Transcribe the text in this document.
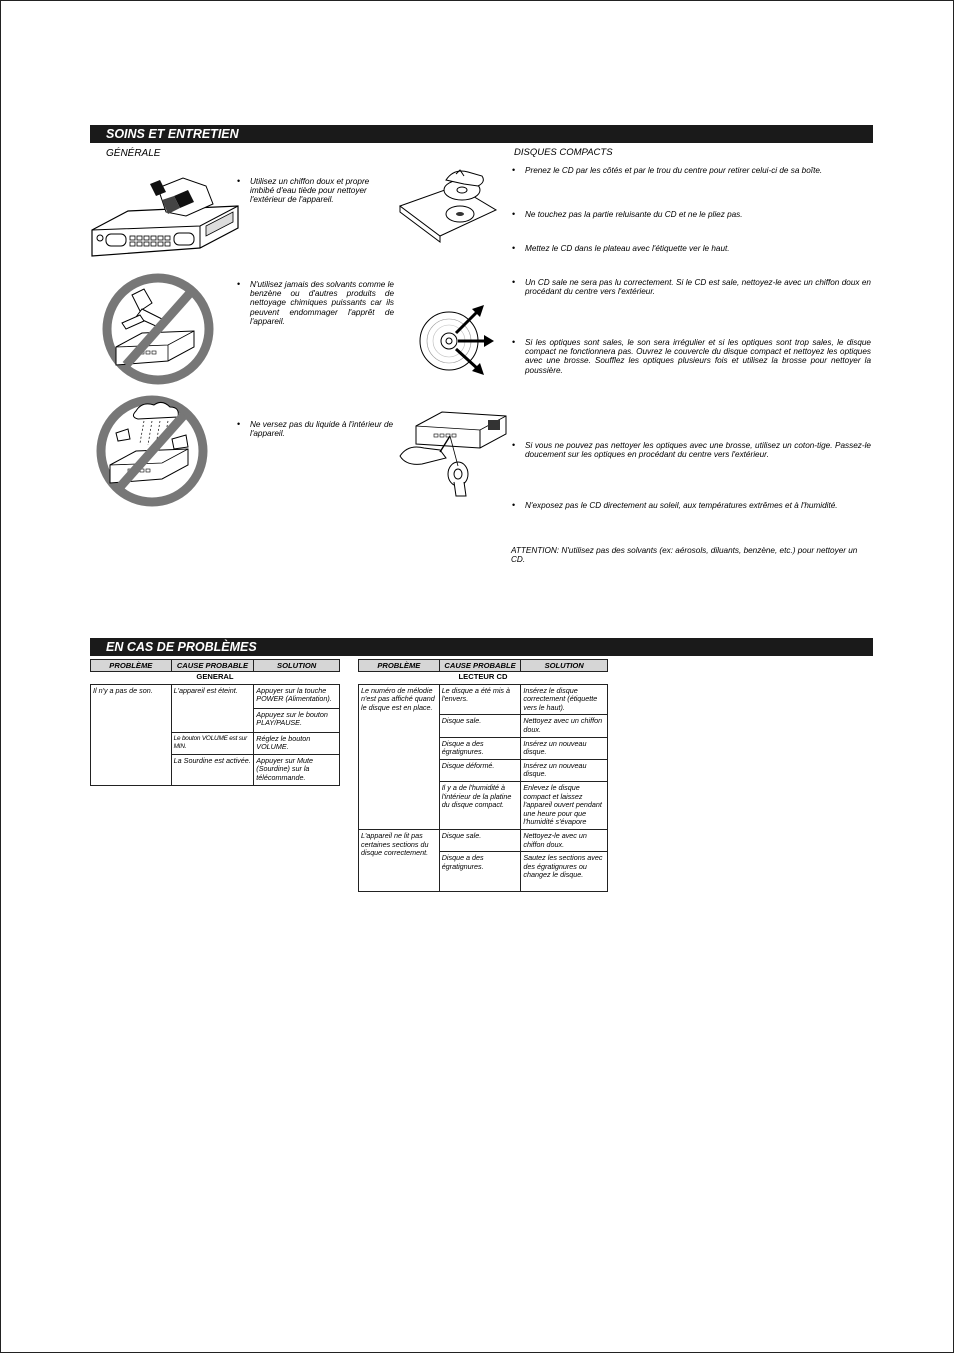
SOINS ET ENTRETIEN
GÉNÉRALE	DISQUES COMPACTS
• Utilisez un chiffon doux et propre imbibé d'eau tiède pour nettoyer l'extérieur de l'appareil.
• N'utilisez jamais des solvants comme le benzène ou d'autres produits de nettoyage chimiques puissants car ils peuvent endommager l'apprêt de l'appareil.
• Ne versez pas du liquide à l'intérieur de l'appareil.
• Prenez le CD par les côtés et par le trou du centre pour retirer celui-ci de sa boîte.
• Ne touchez pas la partie reluisante du CD et ne le pliez pas.
• Mettez le CD dans le plateau avec l'étiquette ver le haut.
• Un CD sale ne sera pas lu correctement. Si le CD est sale, nettoyez-le avec un chiffon doux en procédant du centre vers l'extérieur.
• Si les optiques sont sales, le son sera irrégulier et si les optiques sont trop sales, le disque compact ne fonctionnera pas. Ouvrez le couvercle du disque compact et nettoyez les optiques avec une brosse. Soufflez les optiques plusieurs fois et utilisez la brosse pour nettoyer la poussière.
• Si vous ne pouvez pas nettoyer les optiques avec une brosse, utilisez un coton-tige. Passez-le doucement sur les optiques en procédant du centre vers l'extérieur.
• N'exposez pas le CD directement au soleil, aux températures extrêmes et à l'humidité.
ATTENTION: N'utilisez pas des solvants (ex: aérosols, diluants, benzène, etc.) pour nettoyer un CD.
EN CAS DE PROBLÈMES
PROBLÈME	CAUSE PROBABLE	SOLUTION
GENERAL		
Il n'y a pas de son.	L'appareil est éteint.	Appuyer sur la touche POWER (Alimentation).
		Appuyez sur le bouton PLAY/PAUSE.
	Le bouton VOLUME est sur MIN.	Réglez le bouton VOLUME.
	La Sourdine est activée.	Appuyer sur Mute (Sourdine) sur la télécommande.
PROBLÈME	CAUSE PROBABLE	SOLUTION
LECTEUR CD		
Le numéro de mélodie n'est pas affiché quand le disque est en place.	Le disque a été mis à l'envers.	Insérez le disque correctement (étiquette vers le haut).
	Disque sale.	Nettoyez avec un chiffon doux.
	Disque a des égratignures.	Insérez un nouveau disque.
	Disque déformé.	Insérez un nouveau disque.
	Il y a de l'humidité à l'intérieur de la platine du disque compact.	Enlevez le disque compact et laissez l'appareil ouvert pendant une heure pour que l'humidité s'évapore
L'appareil ne lit pas certaines sections du disque correctement.	Disque sale.	Nettoyez-le avec un chiffon doux.
	Disque a des égratignures.	Sautez les sections avec des égratignures ou changez le disque.
